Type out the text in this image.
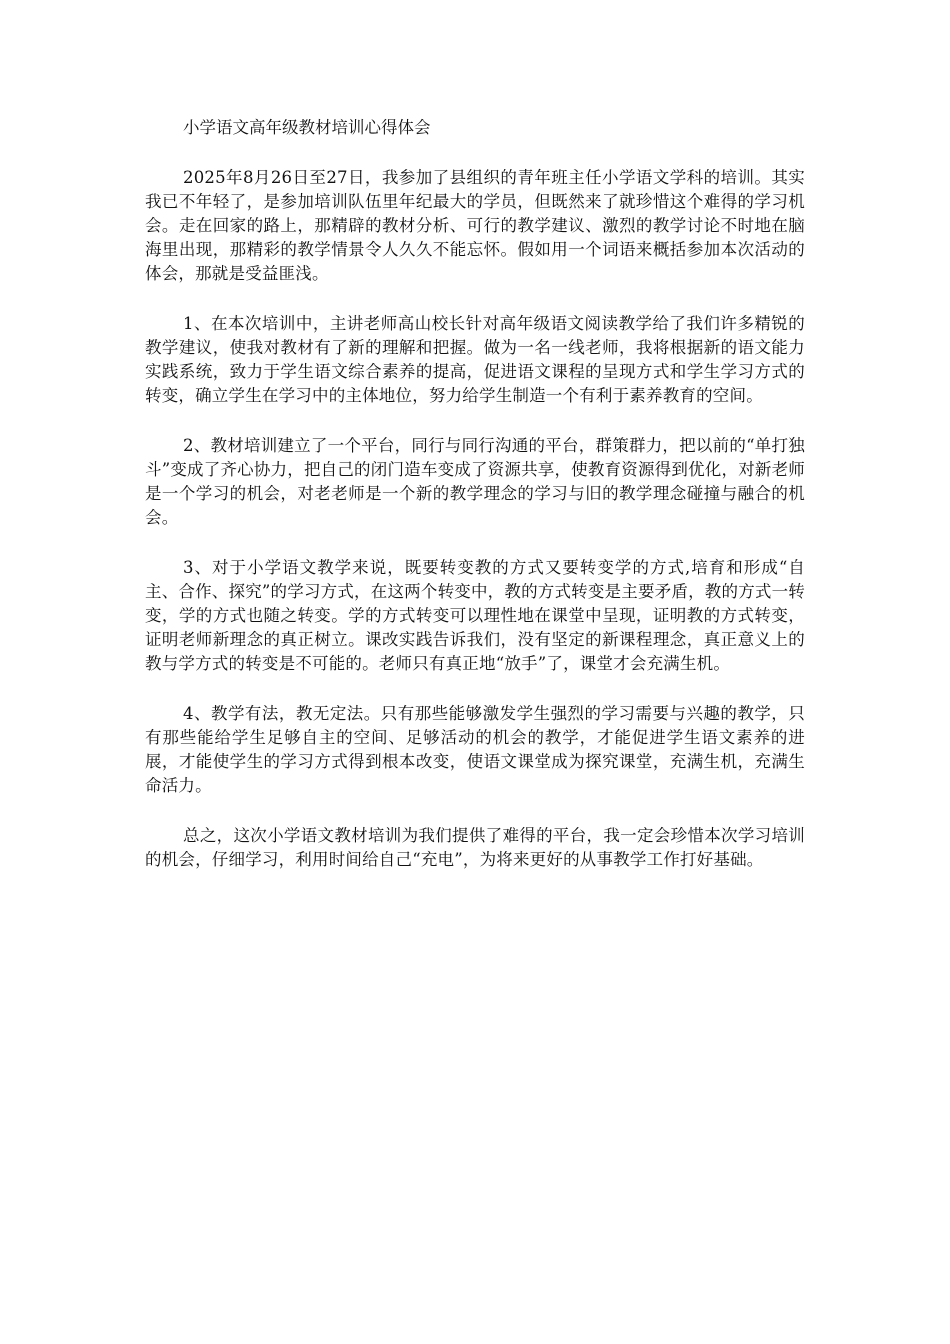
小学语文高年级教材培训心得体会

2025年8月26日至27日，我参加了县组织的青年班主任小学语文学科的培训。其实我已不年轻了，是参加培训队伍里年纪最大的学员，但既然来了就珍惜这个难得的学习机会。走在回家的路上，那精辟的教材分析、可行的教学建议、激烈的教学讨论不时地在脑海里出现，那精彩的教学情景令人久久不能忘怀。假如用一个词语来概括参加本次活动的体会，那就是受益匪浅。

1、在本次培训中，主讲老师高山校长针对高年级语文阅读教学给了我们许多精锐的教学建议，使我对教材有了新的理解和把握。做为一名一线老师，我将根据新的语文能力实践系统，致力于学生语文综合素养的提高，促进语文课程的呈现方式和学生学习方式的转变，确立学生在学习中的主体地位，努力给学生制造一个有利于素养教育的空间。

2、教材培训建立了一个平台，同行与同行沟通的平台，群策群力，把以前的“单打独斗”变成了齐心协力，把自己的闭门造车变成了资源共享，使教育资源得到优化，对新老师是一个学习的机会，对老老师是一个新的教学理念的学习与旧的教学理念碰撞与融合的机会。

3、对于小学语文教学来说，既要转变教的方式又要转变学的方式,培育和形成“自主、合作、探究”的学习方式，在这两个转变中，教的方式转变是主要矛盾，教的方式一转变，学的方式也随之转变。学的方式转变可以理性地在课堂中呈现，证明教的方式转变，证明老师新理念的真正树立。课改实践告诉我们，没有坚定的新课程理念，真正意义上的教与学方式的转变是不可能的。老师只有真正地“放手”了，课堂才会充满生机。

4、教学有法，教无定法。只有那些能够激发学生强烈的学习需要与兴趣的教学，只有那些能给学生足够自主的空间、足够活动的机会的教学，才能促进学生语文素养的进展，才能使学生的学习方式得到根本改变，使语文课堂成为探究课堂，充满生机，充满生命活力。

总之，这次小学语文教材培训为我们提供了难得的平台，我一定会珍惜本次学习培训的机会，仔细学习，利用时间给自己“充电”，为将来更好的从事教学工作打好基础。
